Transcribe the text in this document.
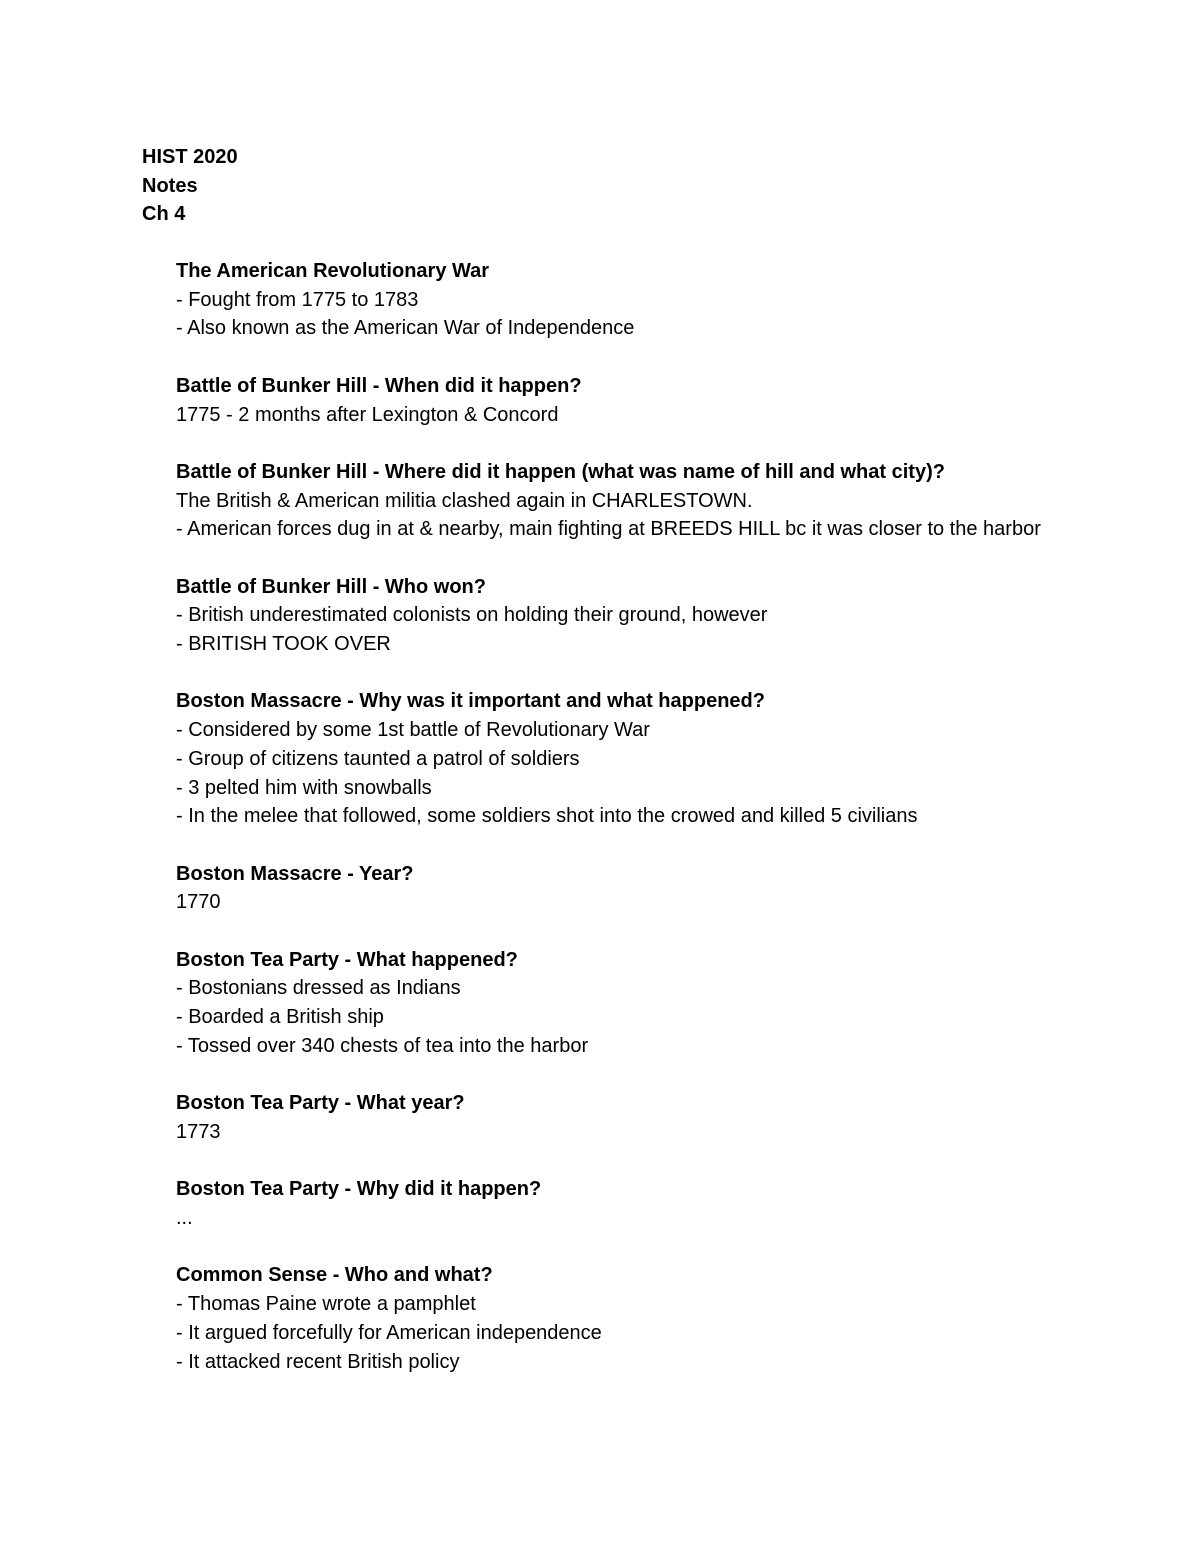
HIST 2020
Notes
Ch 4
The American Revolutionary War
- Fought from 1775 to 1783
- Also known as the American War of Independence
Battle of Bunker Hill - When did it happen?
1775 - 2 months after Lexington & Concord
Battle of Bunker Hill - Where did it happen (what was name of hill and what city)?
The British & American militia clashed again in CHARLESTOWN.
- American forces dug in at & nearby, main fighting at BREEDS HILL bc it was closer to the harbor
Battle of Bunker Hill - Who won?
- British underestimated colonists on holding their ground, however
- BRITISH TOOK OVER
Boston Massacre - Why was it important and what happened?
- Considered by some 1st battle of Revolutionary War
- Group of citizens taunted a patrol of soldiers
- 3 pelted him with snowballs
- In the melee that followed, some soldiers shot into the crowed and killed 5 civilians
Boston Massacre - Year?
1770
Boston Tea Party - What happened?
- Bostonians dressed as Indians
- Boarded a British ship
- Tossed over 340 chests of tea into the harbor
Boston Tea Party - What year?
1773
Boston Tea Party - Why did it happen?
...
Common Sense - Who and what?
- Thomas Paine wrote a pamphlet
- It argued forcefully for American independence
- It attacked recent British policy
